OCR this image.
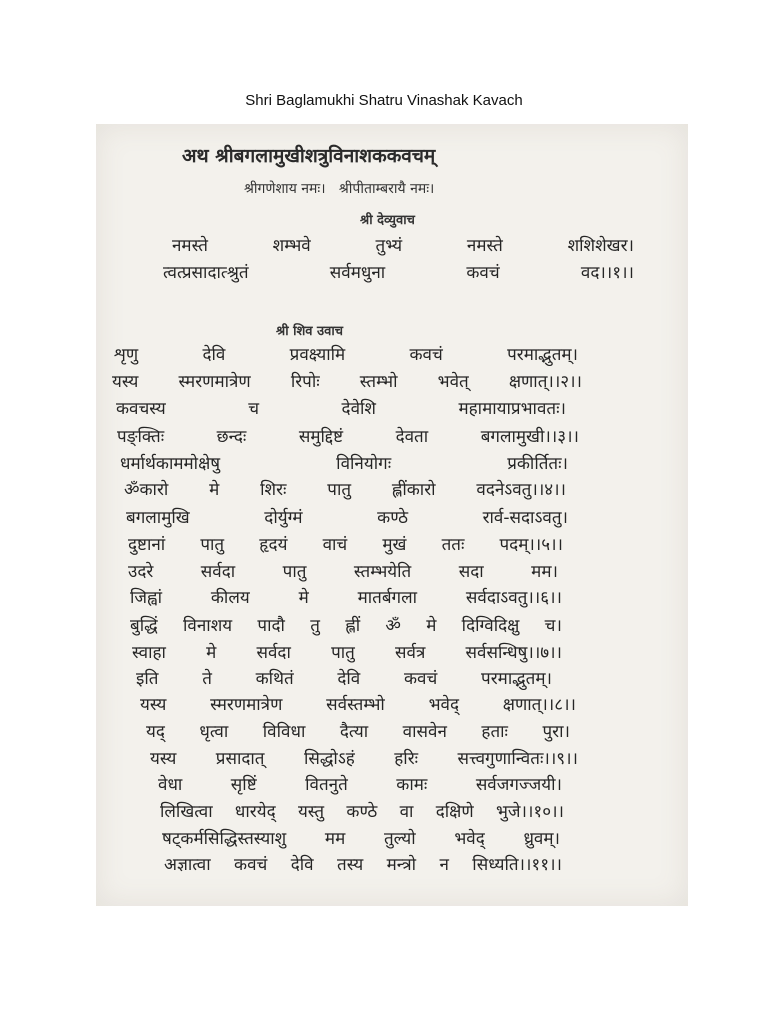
Shri Baglamukhi Shatru Vinashak Kavach
अथ श्रीबगलामुखीशत्रुविनाशककवचम्
श्रीगणेशाय नमः।   श्रीपीताम्बरायै नमः।
श्री देव्युवाच
श्री शिव उवाच
नमस्ते	शम्भवे	तुभ्यं	नमस्ते	शशिशेखर।
त्वत्प्रसादात्श्रुतं	सर्वमधुना	कवचं	वद।।१।।
शृणु	देवि	प्रवक्ष्यामि	कवचं	परमाद्भुतम्।
यस्य स्मरणमात्रेण रिपोः स्तम्भो भवेत् क्षणात्।।२।।
कवचस्य	च	देवेशि	महामायाप्रभावतः।
पङ्क्तिः	छन्दः	समुद्दिष्टं	देवता	बगलामुखी।।३।।
धर्मार्थकाममोक्षेषु	विनियोगः	प्रकीर्तितः।
ॐकारो मे शिरः पातु ह्लींकारो वदनेऽवतु।।४।।
बगलामुखि	दोर्युग्मं	कण्ठे	रार्व-सदाऽवतु।
दुष्टानां पातु हृदयं वाचं मुखं ततः पदम्।।५।।
उदरे	सर्वदा	पातु	स्तम्भयेति	सदा	मम।
जिह्वां	कीलय	मे	मातर्बगला	सर्वदाऽवतु।।६।।
बुद्धिं विनाशय पादौ तु ह्लीं ॐ मे दिग्विदिक्षु च।
स्वाहा मे सर्वदा पातु सर्वत्र सर्वसन्धिषु।।७।।
इति	ते	कथितं	देवि	कवचं	परमाद्भुतम्।
यस्य	स्मरणमात्रेण	सर्वस्तम्भो	भवेद्	क्षणात्।।८।।
यद् धृत्वा विविधा दैत्या वासवेन हताः पुरा।
यस्य प्रसादात् सिद्धोऽहं हरिः सत्त्वगुणान्वितः।।९।।
वेधा	सृष्टिं	वितनुते	कामः	सर्वजगज्जयी।
लिखित्वा धारयेद् यस्तु कण्ठे वा दक्षिणे भुजे।।१०।।
षट्कर्मसिद्धिस्तस्याशु मम तुल्यो भवेद् ध्रुवम्।
अज्ञात्वा कवचं देवि तस्य मन्त्रो न सिध्यति।।११।।
